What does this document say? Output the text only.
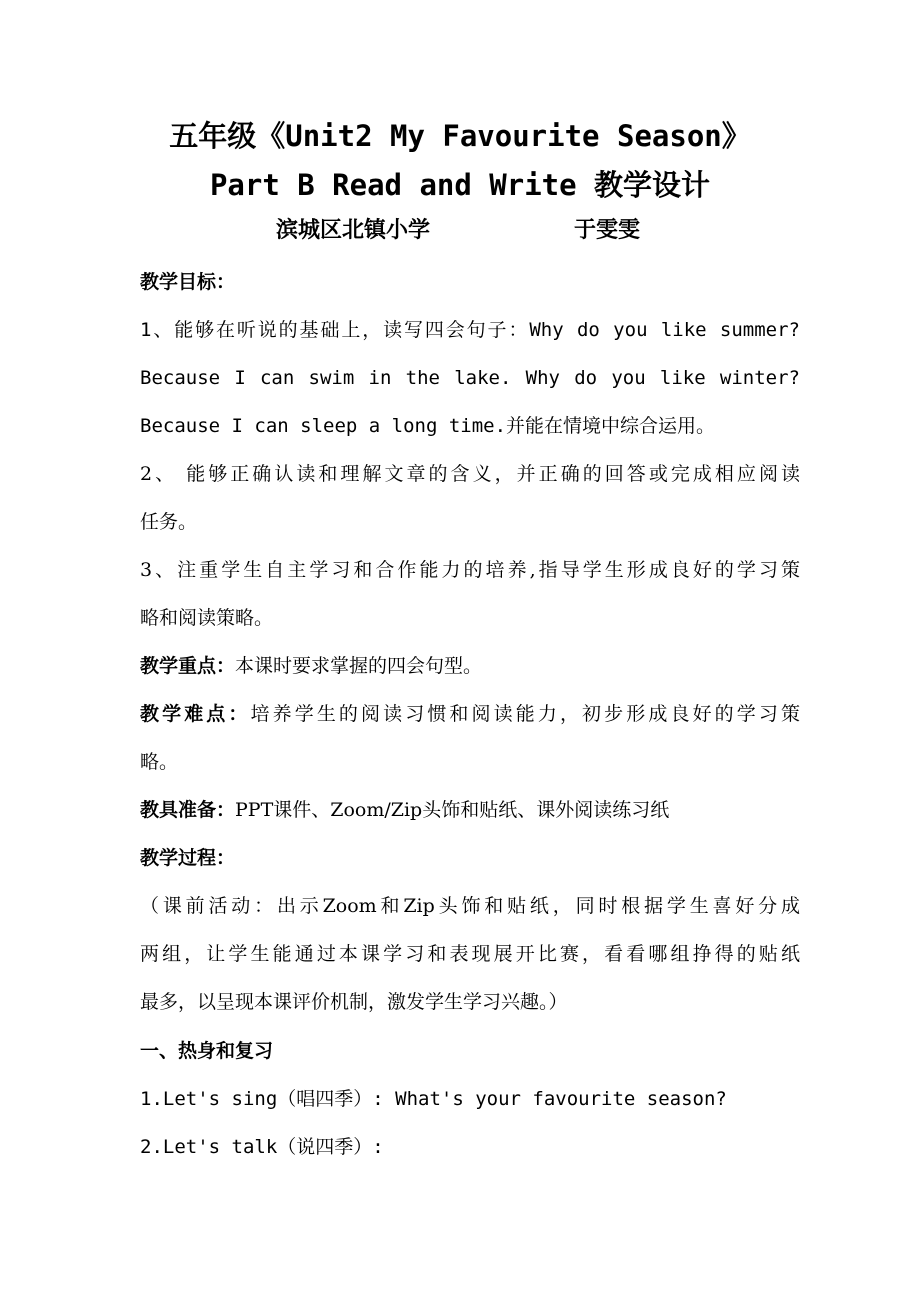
五年级《Unit2 My Favourite Season》
Part B Read and Write 教学设计
滨城区北镇小学	于雯雯
教学目标：
1、能够在听说的基础上，读写四会句子：Why do you like summer?
Because I can swim in the lake. Why do you like winter?
Because I can sleep a long time.并能在情境中综合运用。
2、 能够正确认读和理解文章的含义，并正确的回答或完成相应阅读
任务。
3、注重学生自主学习和合作能力的培养,指导学生形成良好的学习策
略和阅读策略。
教学重点：本课时要求掌握的四会句型。
教学难点：培养学生的阅读习惯和阅读能力，初步形成良好的学习策
略。
教具准备：PPT课件、Zoom/Zip头饰和贴纸、课外阅读练习纸
教学过程：
（课前活动：出示Zoom和Zip头饰和贴纸，同时根据学生喜好分成
两组，让学生能通过本课学习和表现展开比赛，看看哪组挣得的贴纸
最多，以呈现本课评价机制，激发学生学习兴趣。）
一、热身和复习
1.Let's sing（唱四季）: What's your favourite season?
2.Let's talk（说四季）:
